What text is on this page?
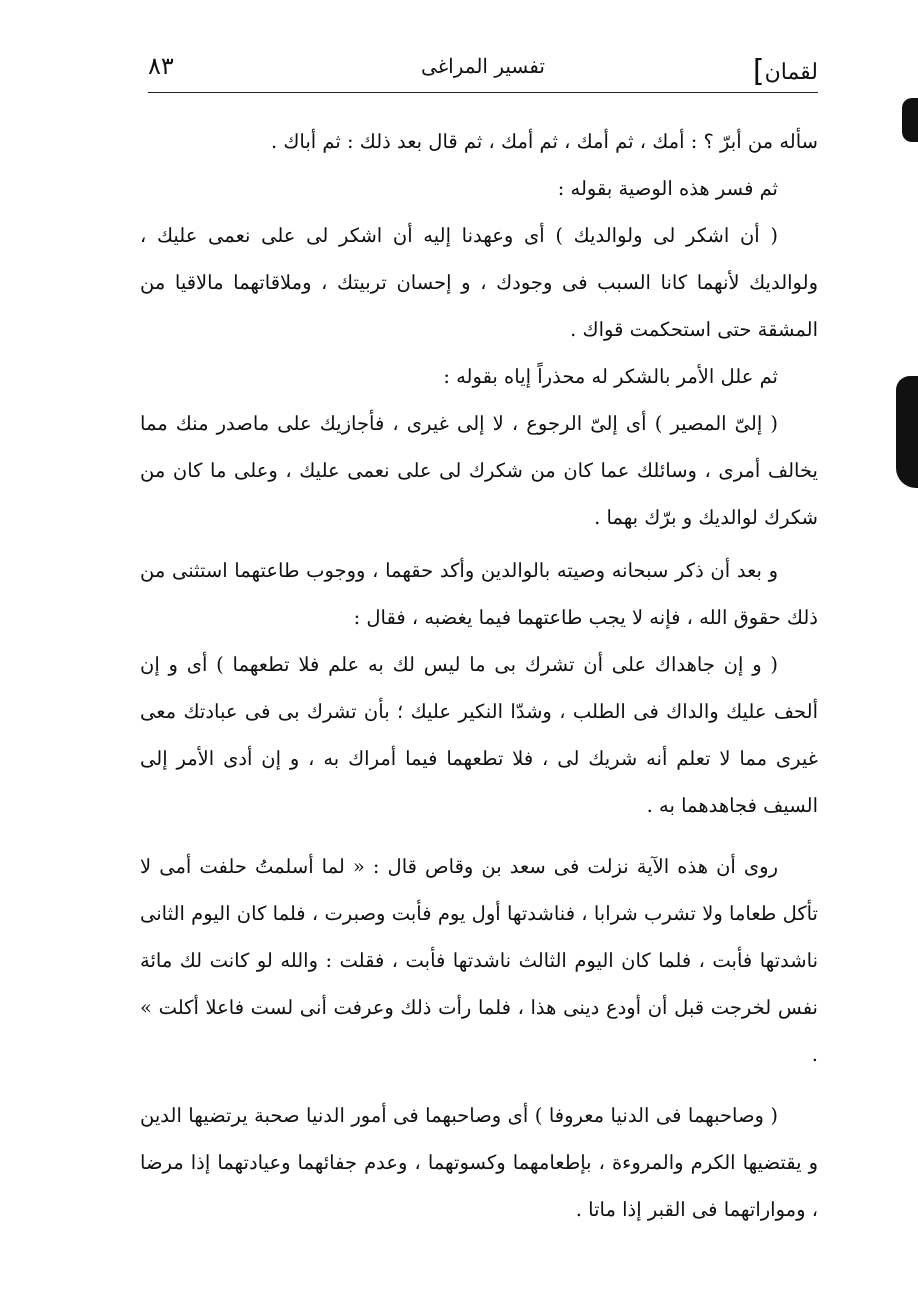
لقمان]
تفسير المراغى
٨٣

سأله من أبرّ ؟ : أمك ، ثم أمك ، ثم أمك ، ثم قال بعد ذلك : ثم أباك .

ثم فسر هذه الوصية بقوله :

( أن اشكر لى ولوالديك ) أى وعهدنا إليه أن اشكر لى على نعمى عليك ، ولوالديك لأنهما كانا السبب فى وجودك ، و إحسان تربيتك ، وملاقاتهما مالاقيا من المشقة حتى استحكمت قواك .

ثم علل الأمر بالشكر له محذراً إياه بقوله :

( إلىّ المصير ) أى إلىّ الرجوع ، لا إلى غيرى ، فأجازيك على ماصدر منك مما يخالف أمرى ، وسائلك عما كان من شكرك لى على نعمى عليك ، وعلى ما كان من شكرك لوالديك و برّك بهما .

و بعد أن ذكر سبحانه وصيته بالوالدين وأكد حقهما ، ووجوب طاعتهما استثنى من ذلك حقوق الله ، فإنه لا يجب طاعتهما فيما يغضبه ، فقال :

( و إن جاهداك على أن تشرك بى ما ليس لك به علم فلا تطعهما ) أى و إن ألحف عليك والداك فى الطلب ، وشدّا النكير عليك ؛ بأن تشرك بى فى عبادتك معى غيرى مما لا تعلم أنه شريك لى ، فلا تطعهما فيما أمراك به ، و إن أدى الأمر إلى السيف فجاهدهما به .

روى أن هذه الآية نزلت فى سعد بن وقاص قال : « لما أسلمتُ حلفت أمى لا تأكل طعاما ولا تشرب شرابا ، فناشدتها أول يوم فأبت وصبرت ، فلما كان اليوم الثانى ناشدتها فأبت ، فلما كان اليوم الثالث ناشدتها فأبت ، فقلت : والله لو كانت لك مائة نفس لخرجت قبل أن أودع دينى هذا ، فلما رأت ذلك وعرفت أنى لست فاعلا أكلت » .

( وصاحبهما فى الدنيا معروفا ) أى وصاحبهما فى أمور الدنيا صحبة يرتضيها الدين و يقتضيها الكرم والمروءة ، بإطعامهما وكسوتهما ، وعدم جفائهما وعيادتهما إذا مرضا ، ومواراتهما فى القبر إذا ماتا .
